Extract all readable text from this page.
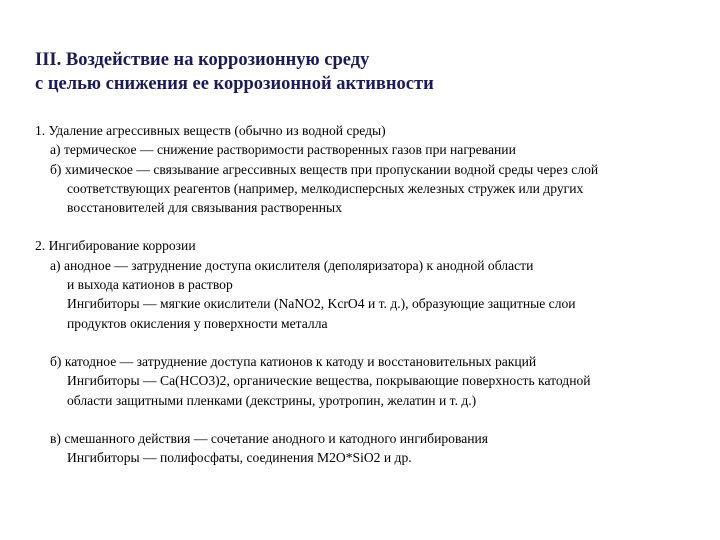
III. Воздействие на коррозионную среду
с целью снижения ее коррозионной активности
1. Удаление агрессивных веществ (обычно из водной среды)
а) термическое — снижение растворимости растворенных газов при нагревании
б) химическое — связывание агрессивных веществ при пропускании водной среды через слой
соответствующих реагентов (например, мелкодисперсных железных стружек или других
восстановителей для связывания растворенных
2. Ингибирование коррозии
а) анодное — затруднение доступа окислителя (деполяризатора) к анодной области
и выхода катионов в раствор
Ингибиторы — мягкие окислители (NaNO2, KcrO4 и т. д.), образующие защитные слои
продуктов окисления у поверхности металла
б) катодное — затруднение доступа катионов к катоду и восстановительных ракций
Ингибиторы — Ca(HCO3)2, органические вещества, покрывающие поверхность катодной
области защитными пленками (декстрины, уротропин, желатин и т. д.)
в) смешанного действия — сочетание анодного и катодного ингибирования
Ингибиторы — полифосфаты, соединения M2O*SiO2 и др.
